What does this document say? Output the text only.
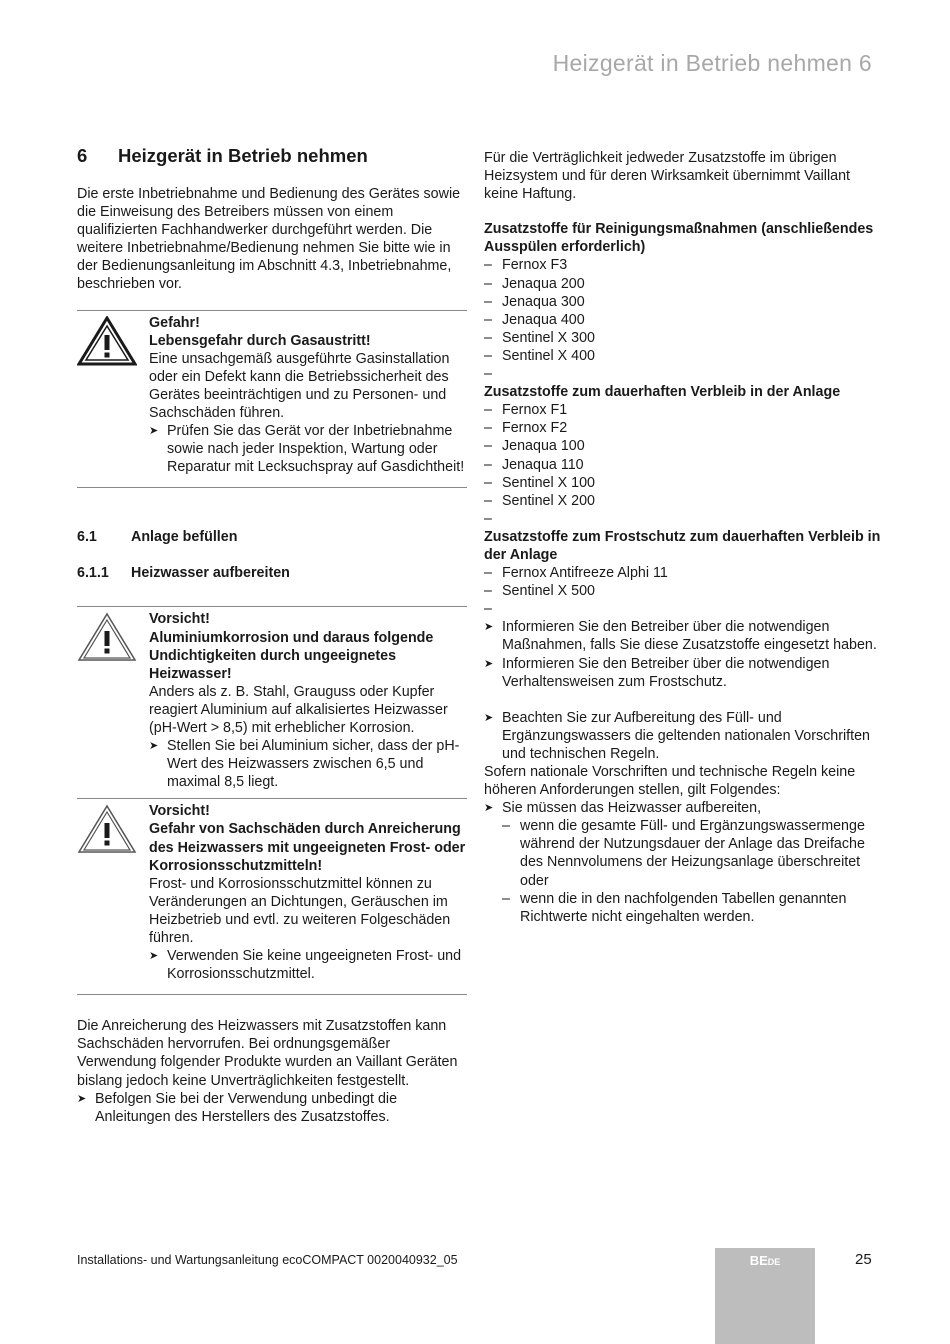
Heizgerät in Betrieb nehmen 6
6 Heizgerät in Betrieb nehmen

Die erste Inbetriebnahme und Bedienung des Gerätes sowie die Einweisung des Betreibers müssen von einem qualifizierten Fachhandwerker durchgeführt werden. Die weitere Inbetriebnahme/Bedienung nehmen Sie bitte wie in der Bedienungsanleitung im Abschnitt 4.3, Inbetriebnahme, beschrieben vor.

Gefahr!
Lebensgefahr durch Gasaustritt!
Eine unsachgemäß ausgeführte Gasinstallation oder ein Defekt kann die Betriebssicherheit des Gerätes beeinträchtigen und zu Personen- und Sachschäden führen.
➤ Prüfen Sie das Gerät vor der Inbetriebnahme sowie nach jeder Inspektion, Wartung oder Reparatur mit Lecksuchspray auf Gasdichtheit!
6.1 Anlage befüllen
6.1.1 Heizwasser aufbereiten
Vorsicht!
Aluminiumkorrosion und daraus folgende Undichtigkeiten durch ungeeignetes Heizwasser!
Anders als z. B. Stahl, Grauguss oder Kupfer reagiert Aluminium auf alkalisiertes Heizwasser (pH-Wert > 8,5) mit erheblicher Korrosion.
➤ Stellen Sie bei Aluminium sicher, dass der pH-Wert des Heizwassers zwischen 6,5 und maximal 8,5 liegt.
Vorsicht!
Gefahr von Sachschäden durch Anreicherung des Heizwassers mit ungeeigneten Frost- oder Korrosionsschutzmitteln!
Frost- und Korrosionsschutzmittel können zu Veränderungen an Dichtungen, Geräuschen im Heizbetrieb und evtl. zu weiteren Folgeschäden führen.
➤ Verwenden Sie keine ungeeigneten Frost- und Korrosionsschutzmittel.

Die Anreicherung des Heizwassers mit Zusatzstoffen kann Sachschäden hervorrufen. Bei ordnungsgemäßer Verwendung folgender Produkte wurden an Vaillant Geräten bislang jedoch keine Unverträglichkeiten festgestellt.

➤ Befolgen Sie bei der Verwendung unbedingt die Anleitungen des Herstellers des Zusatzstoffes.

Für die Verträglichkeit jedweder Zusatzstoffe im übrigen Heizsystem und für deren Wirksamkeit übernimmt Vaillant keine Haftung.

Zusatzstoffe für Reinigungsmaßnahmen (anschließendes Ausspülen erforderlich)
– Fernox F3
– Jenaqua 200
– Jenaqua 300
– Jenaqua 400
– Sentinel X 300
– Sentinel X 400
–
Zusatzstoffe zum dauerhaften Verbleib in der Anlage
– Fernox F1
– Fernox F2
– Jenaqua 100
– Jenaqua 110
– Sentinel X 100
– Sentinel X 200
–
Zusatzstoffe zum Frostschutz zum dauerhaften Verbleib in der Anlage
– Fernox Antifreeze Alphi 11
– Sentinel X 500
–
➤ Informieren Sie den Betreiber über die notwendigen Maßnahmen, falls Sie diese Zusatzstoffe eingesetzt haben.
➤ Informieren Sie den Betreiber über die notwendigen Verhaltensweisen zum Frostschutz.
➤ Beachten Sie zur Aufbereitung des Füll- und Ergänzungswassers die geltenden nationalen Vorschriften und technischen Regeln.

Sofern nationale Vorschriften und technische Regeln keine höheren Anforderungen stellen, gilt Folgendes:

➤ Sie müssen das Heizwasser aufbereiten,
– wenn die gesamte Füll- und Ergänzungswassermenge während der Nutzungsdauer der Anlage das Dreifache des Nennvolumens der Heizungsanlage überschreitet
oder
– wenn die in den nachfolgenden Tabellen genannten Richtwerte nicht eingehalten werden.
Installations- und Wartungsanleitung ecoCOMPACT 0020040932_05	BEDE	25
